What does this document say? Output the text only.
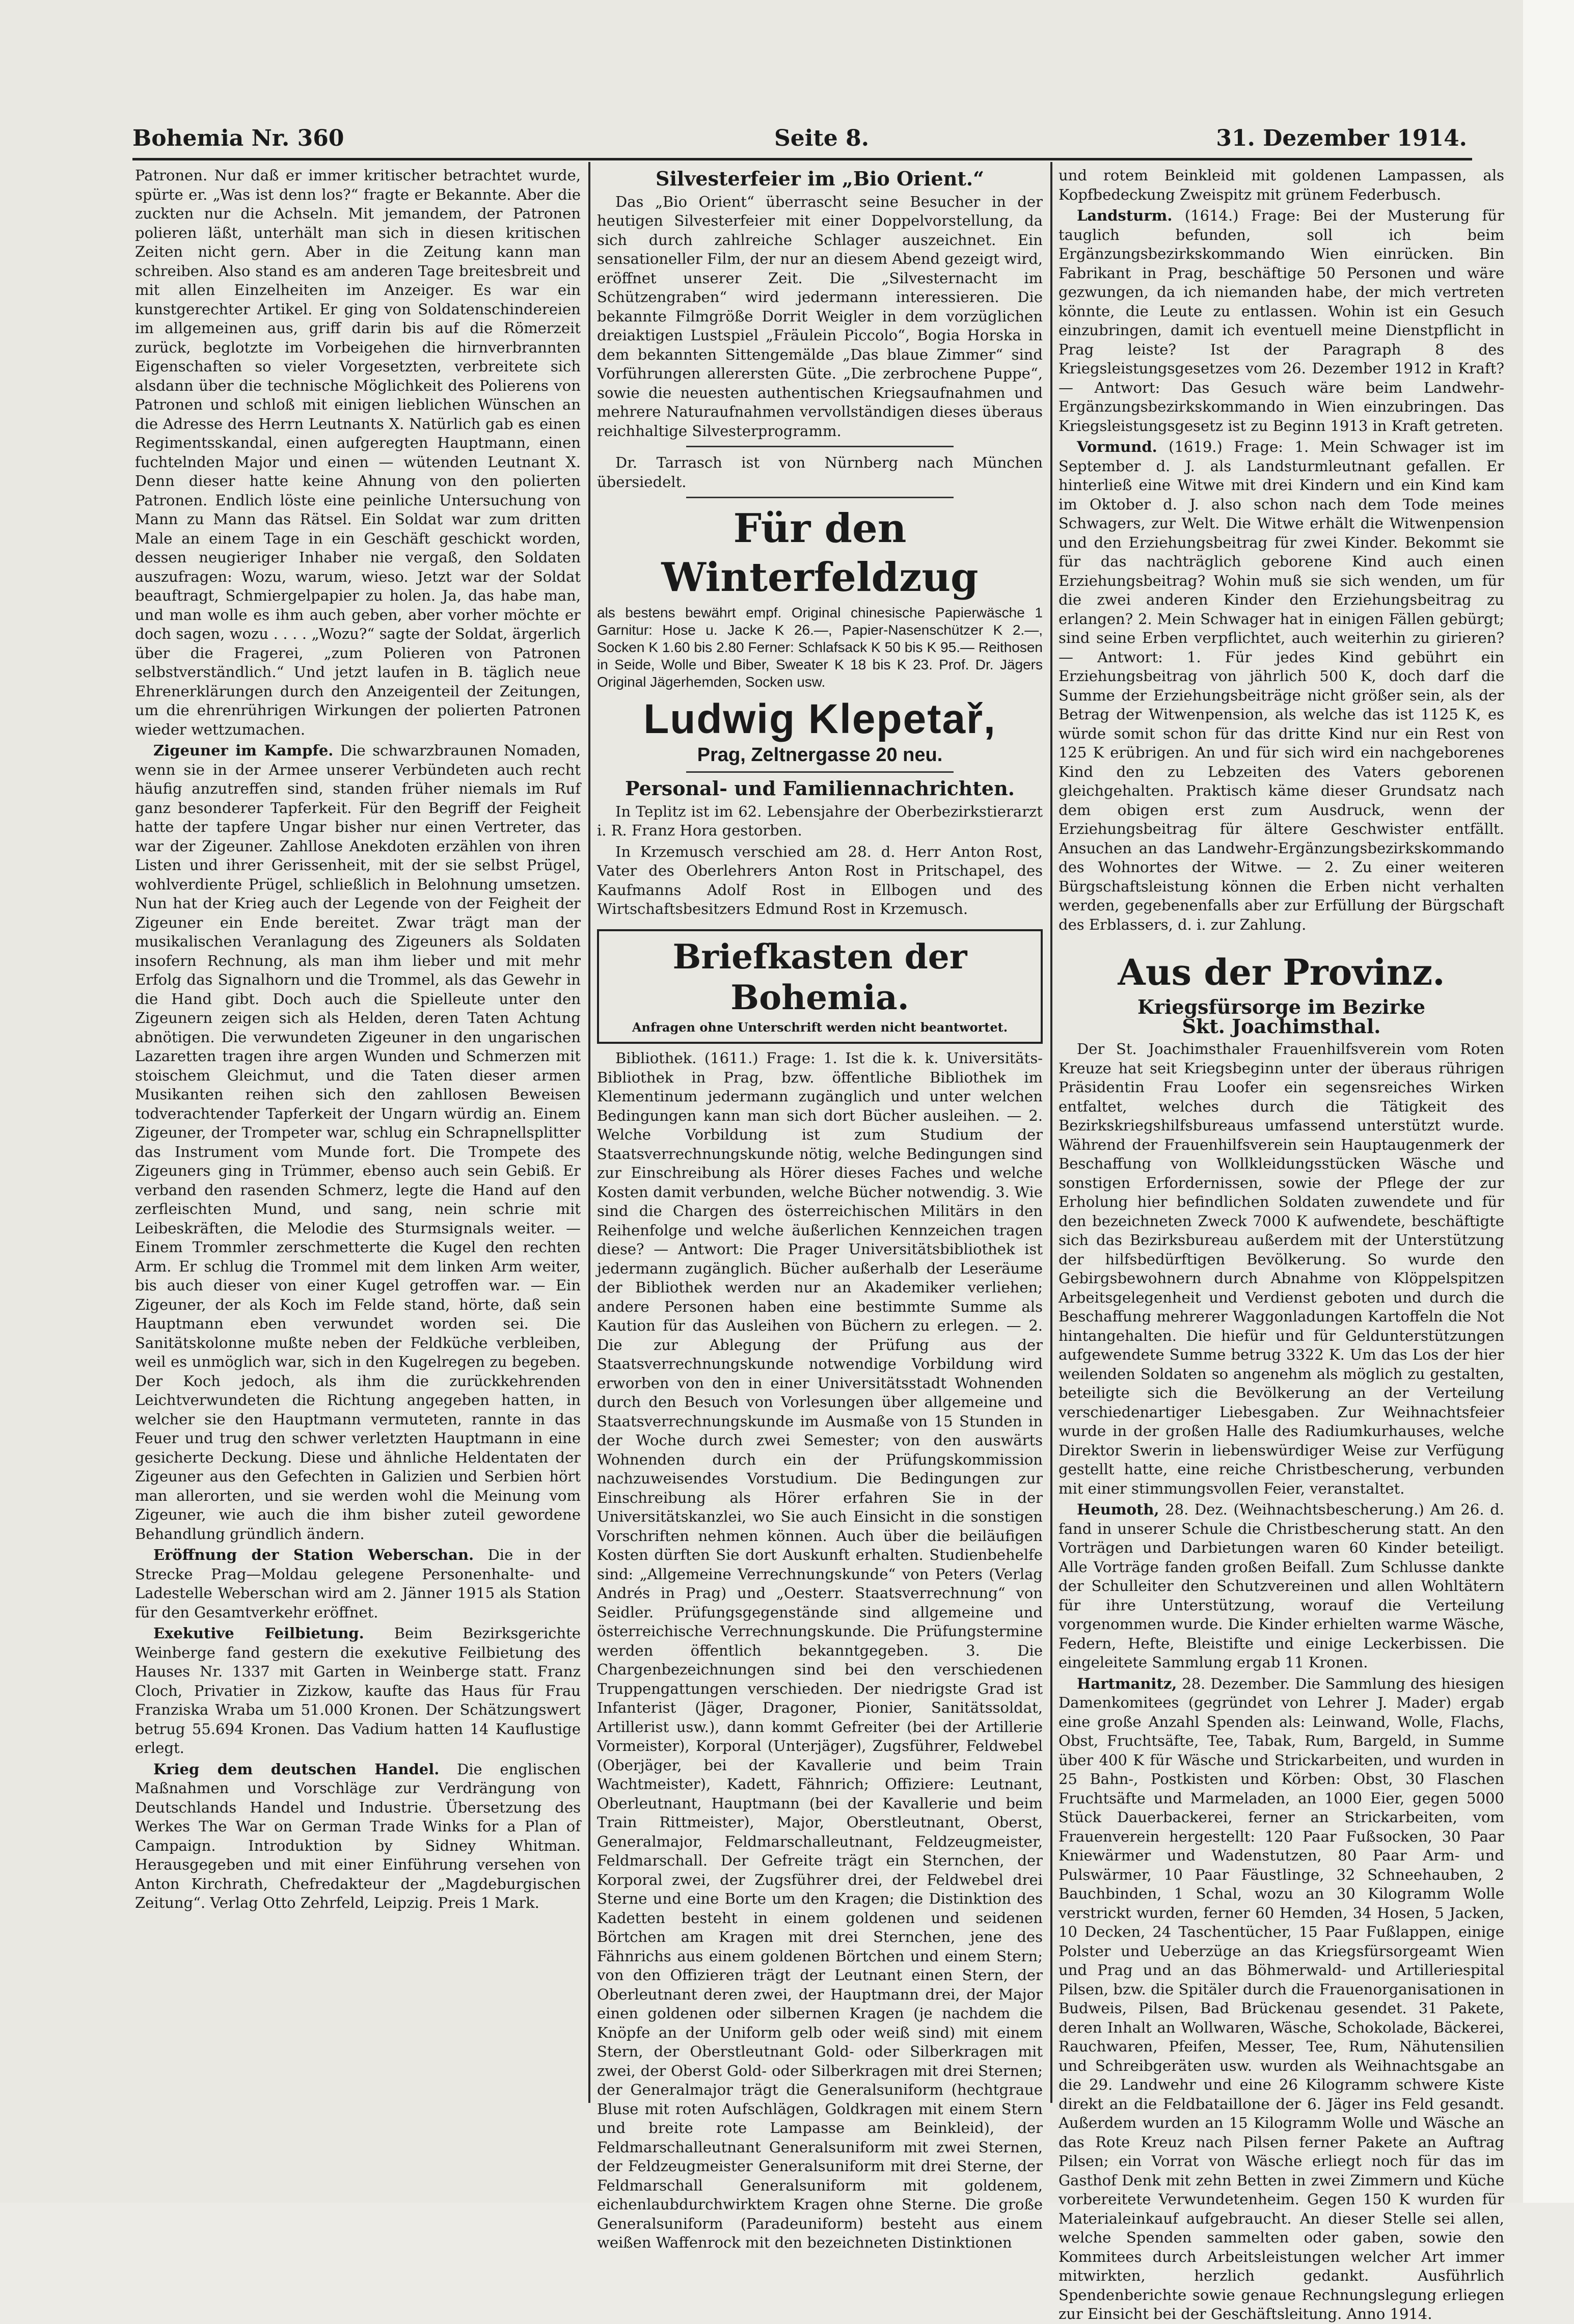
Bohemia Nr. 360	Seite 8.	31. Dezember 1914.

Patronen. Nur daß er immer kritischer betrachtet wurde, spürte er. „Was ist denn los?“ fragte er Bekannte. Aber die zuckten nur die Achseln. Mit jemandem, der Patronen polieren läßt, unterhält man sich in diesen kritischen Zeiten nicht gern. Aber in die Zeitung kann man schreiben. Also stand es am anderen Tage breitesbreit und mit allen Einzelheiten im Anzeiger. Es war ein kunstgerechter Artikel. Er ging von Soldatenschindereien im allgemeinen aus, griff darin bis auf die Römerzeit zurück, beglotzte im Vorbeigehen die hirnverbrannten Eigenschaften so vieler Vorgesetzten, verbreitete sich alsdann über die technische Möglichkeit des Polierens von Patronen und schloß mit einigen lieblichen Wünschen an die Adresse des Herrn Leutnants X. Natürlich gab es einen Regimentsskandal, einen aufgeregten Hauptmann, einen fuchtelnden Major und einen — wütenden Leutnant X. Denn dieser hatte keine Ahnung von den polierten Patronen. Endlich löste eine peinliche Untersuchung von Mann zu Mann das Rätsel. Ein Soldat war zum dritten Male an einem Tage in ein Geschäft geschickt worden, dessen neugieriger Inhaber nie vergaß, den Soldaten auszufragen: Wozu, warum, wieso. Jetzt war der Soldat beauftragt, Schmiergelpapier zu holen. Ja, das habe man, und man wolle es ihm auch geben, aber vorher möchte er doch sagen, wozu . . . . „Wozu?“ sagte der Soldat, ärgerlich über die Fragerei, „zum Polieren von Patronen selbstverständlich.“ Und jetzt laufen in B. täglich neue Ehrenerklärungen durch den Anzeigenteil der Zeitungen, um die ehrenrührigen Wirkungen der polierten Patronen wieder wettzumachen.

Zigeuner im Kampfe. Die schwarzbraunen Nomaden, wenn sie in der Armee unserer Verbündeten auch recht häufig anzutreffen sind, standen früher niemals im Ruf ganz besonderer Tapferkeit. Für den Begriff der Feigheit hatte der tapfere Ungar bisher nur einen Vertreter, das war der Zigeuner. Zahllose Anekdoten erzählen von ihren Listen und ihrer Gerissenheit, mit der sie selbst Prügel, wohlverdiente Prügel, schließlich in Belohnung umsetzen. Nun hat der Krieg auch der Legende von der Feigheit der Zigeuner ein Ende bereitet. Zwar trägt man der musikalischen Veranlagung des Zigeuners als Soldaten insofern Rechnung, als man ihm lieber und mit mehr Erfolg das Signalhorn und die Trommel, als das Gewehr in die Hand gibt. Doch auch die Spielleute unter den Zigeunern zeigen sich als Helden, deren Taten Achtung abnötigen. Die verwundeten Zigeuner in den ungarischen Lazaretten tragen ihre argen Wunden und Schmerzen mit stoischem Gleichmut, und die Taten dieser armen Musikanten reihen sich den zahllosen Beweisen todverachtender Tapferkeit der Ungarn würdig an. Einem Zigeuner, der Trompeter war, schlug ein Schrapnellsplitter das Instrument vom Munde fort. Die Trompete des Zigeuners ging in Trümmer, ebenso auch sein Gebiß. Er verband den rasenden Schmerz, legte die Hand auf den zerfleischten Mund, und sang, nein schrie mit Leibeskräften, die Melodie des Sturmsignals weiter. — Einem Trommler zerschmetterte die Kugel den rechten Arm. Er schlug die Trommel mit dem linken Arm weiter, bis auch dieser von einer Kugel getroffen war. — Ein Zigeuner, der als Koch im Felde stand, hörte, daß sein Hauptmann eben verwundet worden sei. Die Sanitätskolonne mußte neben der Feldküche verbleiben, weil es unmöglich war, sich in den Kugelregen zu begeben. Der Koch jedoch, als ihm die zurückkehrenden Leichtverwundeten die Richtung angegeben hatten, in welcher sie den Hauptmann vermuteten, rannte in das Feuer und trug den schwer verletzten Hauptmann in eine gesicherte Deckung. Diese und ähnliche Heldentaten der Zigeuner aus den Gefechten in Galizien und Serbien hört man allerorten, und sie werden wohl die Meinung vom Zigeuner, wie auch die ihm bisher zuteil gewordene Behandlung gründlich ändern.

Eröffnung der Station Weberschan. Die in der Strecke Prag—Moldau gelegene Personenhalte- und Ladestelle Weberschan wird am 2. Jänner 1915 als Station für den Gesamtverkehr eröffnet.

Exekutive Feilbietung. Beim Bezirksgerichte Weinberge fand gestern die exekutive Feilbietung des Hauses Nr. 1337 mit Garten in Weinberge statt. Franz Cloch, Privatier in Zizkow, kaufte das Haus für Frau Franziska Wraba um 51.000 Kronen. Der Schätzungswert betrug 55.694 Kronen. Das Vadium hatten 14 Kauflustige erlegt.

Krieg dem deutschen Handel. Die englischen Maßnahmen und Vorschläge zur Verdrängung von Deutschlands Handel und Industrie. Übersetzung des Werkes The War on German Trade Winks for a Plan of Campaign. Introduktion by Sidney Whitman. Herausgegeben und mit einer Einführung versehen von Anton Kirchrath, Chefredakteur der „Magdeburgischen Zeitung“. Verlag Otto Zehrfeld, Leipzig. Preis 1 Mark.

Silvesterfeier im „Bio Orient.“

Das „Bio Orient“ überrascht seine Besucher in der heutigen Silvesterfeier mit einer Doppelvorstellung, da sich durch zahlreiche Schlager auszeichnet. Ein sensationeller Film, der nur an diesem Abend gezeigt wird, eröffnet unserer Zeit. Die „Silvesternacht im Schützengraben“ wird jedermann interessieren. Die bekannte Filmgröße Dorrit Weigler in dem vorzüglichen dreiaktigen Lustspiel „Fräulein Piccolo“, Bogia Horska in dem bekannten Sittengemälde „Das blaue Zimmer“ sind Vorführungen allerersten Güte. „Die zerbrochene Puppe“, sowie die neuesten authentischen Kriegsaufnahmen und mehrere Naturaufnahmen vervollständigen dieses überaus reichhaltige Silvesterprogramm.

Dr. Tarrasch ist von Nürnberg nach München übersiedelt.

Für den Winterfeldzug
als bestens bewährt empf. Original chinesische Papierwäsche 1 Garnitur: Hose u. Jacke K 26.—, Papier-Nasenschützer K 2.—, Socken K 1.60 bis 2.80 Ferner: Schlafsack K 50 bis K 95.— Reithosen in Seide, Wolle und Biber, Sweater K 18 bis K 23. Prof. Dr. Jägers Original Jägerhemden, Socken usw.
Ludwig Klepetař,
Prag, Zeltnergasse 20 neu.
Personal- und Familiennachrichten.

In Teplitz ist im 62. Lebensjahre der Oberbezirkstierarzt i. R. Franz Hora gestorben.

In Krzemusch verschied am 28. d. Herr Anton Rost, Vater des Oberlehrers Anton Rost in Pritschapel, des Kaufmanns Adolf Rost in Ellbogen und des Wirtschaftsbesitzers Edmund Rost in Krzemusch.

Briefkasten der Bohemia.
Anfragen ohne Unterschrift werden nicht beantwortet.

Bibliothek. (1611.) Frage: 1. Ist die k. k. Universitäts-Bibliothek in Prag, bzw. öffentliche Bibliothek im Klementinum jedermann zugänglich und unter welchen Bedingungen kann man sich dort Bücher ausleihen. — 2. Welche Vorbildung ist zum Studium der Staatsverrechnungskunde nötig, welche Bedingungen sind zur Einschreibung als Hörer dieses Faches und welche Kosten damit verbunden, welche Bücher notwendig. 3. Wie sind die Chargen des österreichischen Militärs in den Reihenfolge und welche äußerlichen Kennzeichen tragen diese? — Antwort: Die Prager Universitätsbibliothek ist jedermann zugänglich. Bücher außerhalb der Leseräume der Bibliothek werden nur an Akademiker verliehen; andere Personen haben eine bestimmte Summe als Kaution für das Ausleihen von Büchern zu erlegen. — 2. Die zur Ablegung der Prüfung aus der Staatsverrechnungskunde notwendige Vorbildung wird erworben von den in einer Universitätsstadt Wohnenden durch den Besuch von Vorlesungen über allgemeine und Staatsverrechnungskunde im Ausmaße von 15 Stunden in der Woche durch zwei Semester; von den auswärts Wohnenden durch ein der Prüfungskommission nachzuweisendes Vorstudium. Die Bedingungen zur Einschreibung als Hörer erfahren Sie in der Universitätskanzlei, wo Sie auch Einsicht in die sonstigen Vorschriften nehmen können. Auch über die beiläufigen Kosten dürften Sie dort Auskunft erhalten. Studienbehelfe sind: „Allgemeine Verrechnungskunde“ von Peters (Verlag Andrés in Prag) und „Oesterr. Staatsverrechnung“ von Seidler. Prüfungsgegenstände sind allgemeine und österreichische Verrechnungskunde. Die Prüfungstermine werden öffentlich bekanntgegeben. 3. Die Chargenbezeichnungen sind bei den verschiedenen Truppengattungen verschieden. Der niedrigste Grad ist Infanterist (Jäger, Dragoner, Pionier, Sanitätssoldat, Artillerist usw.), dann kommt Gefreiter (bei der Artillerie Vormeister), Korporal (Unterjäger), Zugsführer, Feldwebel (Oberjäger, bei der Kavallerie und beim Train Wachtmeister), Kadett, Fähnrich; Offiziere: Leutnant, Oberleutnant, Hauptmann (bei der Kavallerie und beim Train Rittmeister), Major, Oberstleutnant, Oberst, Generalmajor, Feldmarschalleutnant, Feldzeugmeister, Feldmarschall. Der Gefreite trägt ein Sternchen, der Korporal zwei, der Zugsführer drei, der Feldwebel drei Sterne und eine Borte um den Kragen; die Distinktion des Kadetten besteht in einem goldenen und seidenen Börtchen am Kragen mit drei Sternchen, jene des Fähnrichs aus einem goldenen Börtchen und einem Stern; von den Offizieren trägt der Leutnant einen Stern, der Oberleutnant deren zwei, der Hauptmann drei, der Major einen goldenen oder silbernen Kragen (je nachdem die Knöpfe an der Uniform gelb oder weiß sind) mit einem Stern, der Oberstleutnant Gold- oder Silberkragen mit zwei, der Oberst Gold- oder Silberkragen mit drei Sternen; der Generalmajor trägt die Generalsuniform (hechtgraue Bluse mit roten Aufschlägen, Goldkragen mit einem Stern und breite rote Lampasse am Beinkleid), der Feldmarschalleutnant Generalsuniform mit zwei Sternen, der Feldzeugmeister Generalsuniform mit drei Sterne, der Feldmarschall Generalsuniform mit goldenem, eichenlaubdurchwirktem Kragen ohne Sterne. Die große Generalsuniform (Paradeuniform) besteht aus einem weißen Waffenrock mit den bezeichneten Distinktionen

und rotem Beinkleid mit goldenen Lampassen, als Kopfbedeckung Zweispitz mit grünem Federbusch.

Landsturm. (1614.) Frage: Bei der Musterung für tauglich befunden, soll ich beim Ergänzungsbezirkskommando Wien einrücken. Bin Fabrikant in Prag, beschäftige 50 Personen und wäre gezwungen, da ich niemanden habe, der mich vertreten könnte, die Leute zu entlassen. Wohin ist ein Gesuch einzubringen, damit ich eventuell meine Dienstpflicht in Prag leiste? Ist der Paragraph 8 des Kriegsleistungsgesetzes vom 26. Dezember 1912 in Kraft? — Antwort: Das Gesuch wäre beim Landwehr-Ergänzungsbezirkskommando in Wien einzubringen. Das Kriegsleistungsgesetz ist zu Beginn 1913 in Kraft getreten.

Vormund. (1619.) Frage: 1. Mein Schwager ist im September d. J. als Landsturmleutnant gefallen. Er hinterließ eine Witwe mit drei Kindern und ein Kind kam im Oktober d. J. also schon nach dem Tode meines Schwagers, zur Welt. Die Witwe erhält die Witwenpension und den Erziehungsbeitrag für zwei Kinder. Bekommt sie für das nachträglich geborene Kind auch einen Erziehungsbeitrag? Wohin muß sie sich wenden, um für die zwei anderen Kinder den Erziehungsbeitrag zu erlangen? 2. Mein Schwager hat in einigen Fällen gebürgt; sind seine Erben verpflichtet, auch weiterhin zu girieren? — Antwort: 1. Für jedes Kind gebührt ein Erziehungsbeitrag von jährlich 500 K, doch darf die Summe der Erziehungsbeiträge nicht größer sein, als der Betrag der Witwenpension, als welche das ist 1125 K, es würde somit schon für das dritte Kind nur ein Rest von 125 K erübrigen. An und für sich wird ein nachgeborenes Kind den zu Lebzeiten des Vaters geborenen gleichgehalten. Praktisch käme dieser Grundsatz nach dem obigen erst zum Ausdruck, wenn der Erziehungsbeitrag für ältere Geschwister entfällt. Ansuchen an das Landwehr-Ergänzungsbezirkskommando des Wohnortes der Witwe. — 2. Zu einer weiteren Bürgschaftsleistung können die Erben nicht verhalten werden, gegebenenfalls aber zur Erfüllung der Bürgschaft des Erblassers, d. i. zur Zahlung.

Aus der Provinz.
Kriegsfürsorge im Bezirke
Skt. Joachimsthal.

Der St. Joachimsthaler Frauenhilfsverein vom Roten Kreuze hat seit Kriegsbeginn unter der überaus rührigen Präsidentin Frau Loofer ein segensreiches Wirken entfaltet, welches durch die Tätigkeit des Bezirkskriegshilfsbureaus umfassend unterstützt wurde. Während der Frauenhilfsverein sein Hauptaugenmerk der Beschaffung von Wollkleidungsstücken Wäsche und sonstigen Erfordernissen, sowie der Pflege der zur Erholung hier befindlichen Soldaten zuwendete und für den bezeichneten Zweck 7000 K aufwendete, beschäftigte sich das Bezirksbureau außerdem mit der Unterstützung der hilfsbedürftigen Bevölkerung. So wurde den Gebirgsbewohnern durch Abnahme von Klöppelspitzen Arbeitsgelegenheit und Verdienst geboten und durch die Beschaffung mehrerer Waggonladungen Kartoffeln die Not hintangehalten. Die hiefür und für Geldunterstützungen aufgewendete Summe betrug 3322 K. Um das Los der hier weilenden Soldaten so angenehm als möglich zu gestalten, beteiligte sich die Bevölkerung an der Verteilung verschiedenartiger Liebesgaben. Zur Weihnachtsfeier wurde in der großen Halle des Radiumkurhauses, welche Direktor Swerin in liebenswürdiger Weise zur Verfügung gestellt hatte, eine reiche Christbescherung, verbunden mit einer stimmungsvollen Feier, veranstaltet.

Heumoth, 28. Dez. (Weihnachtsbescherung.) Am 26. d. fand in unserer Schule die Christbescherung statt. An den Vorträgen und Darbietungen waren 60 Kinder beteiligt. Alle Vorträge fanden großen Beifall. Zum Schlusse dankte der Schulleiter den Schutzvereinen und allen Wohltätern für ihre Unterstützung, worauf die Verteilung vorgenommen wurde. Die Kinder erhielten warme Wäsche, Federn, Hefte, Bleistifte und einige Leckerbissen. Die eingeleitete Sammlung ergab 11 Kronen.

Hartmanitz, 28. Dezember. Die Sammlung des hiesigen Damenkomitees (gegründet von Lehrer J. Mader) ergab eine große Anzahl Spenden als: Leinwand, Wolle, Flachs, Obst, Fruchtsäfte, Tee, Tabak, Rum, Bargeld, in Summe über 400 K für Wäsche und Strickarbeiten, und wurden in 25 Bahn-, Postkisten und Körben: Obst, 30 Flaschen Fruchtsäfte und Marmeladen, an 1000 Eier, gegen 5000 Stück Dauerbackerei, ferner an Strickarbeiten, vom Frauenverein hergestellt: 120 Paar Fußsocken, 30 Paar Kniewärmer und Wadenstutzen, 80 Paar Arm- und Pulswärmer, 10 Paar Fäustlinge, 32 Schneehauben, 2 Bauchbinden, 1 Schal, wozu an 30 Kilogramm Wolle verstrickt wurden, ferner 60 Hemden, 34 Hosen, 5 Jacken, 10 Decken, 24 Taschentücher, 15 Paar Fußlappen, einige Polster und Ueberzüge an das Kriegsfürsorgeamt Wien und Prag und an das Böhmerwald- und Artilleriespital Pilsen, bzw. die Spitäler durch die Frauenorganisationen in Budweis, Pilsen, Bad Brückenau gesendet. 31 Pakete, deren Inhalt an Wollwaren, Wäsche, Schokolade, Bäckerei, Rauchwaren, Pfeifen, Messer, Tee, Rum, Nähutensilien und Schreibgeräten usw. wurden als Weihnachtsgabe an die 29. Landwehr und eine 26 Kilogramm schwere Kiste direkt an die Feldbataillone der 6. Jäger ins Feld gesandt. Außerdem wurden an 15 Kilogramm Wolle und Wäsche an das Rote Kreuz nach Pilsen ferner Pakete an Auftrag Pilsen; ein Vorrat von Wäsche erliegt noch für das im Gasthof Denk mit zehn Betten in zwei Zimmern und Küche vorbereitete Verwundetenheim. Gegen 150 K wurden für Materialeinkauf aufgebraucht. An dieser Stelle sei allen, welche Spenden sammelten oder gaben, sowie den Kommitees durch Arbeitsleistungen welcher Art immer mitwirkten, herzlich gedankt. Ausführlich Spendenberichte sowie genaue Rechnungslegung erliegen zur Einsicht bei der Geschäftsleitung. Anno 1914.
